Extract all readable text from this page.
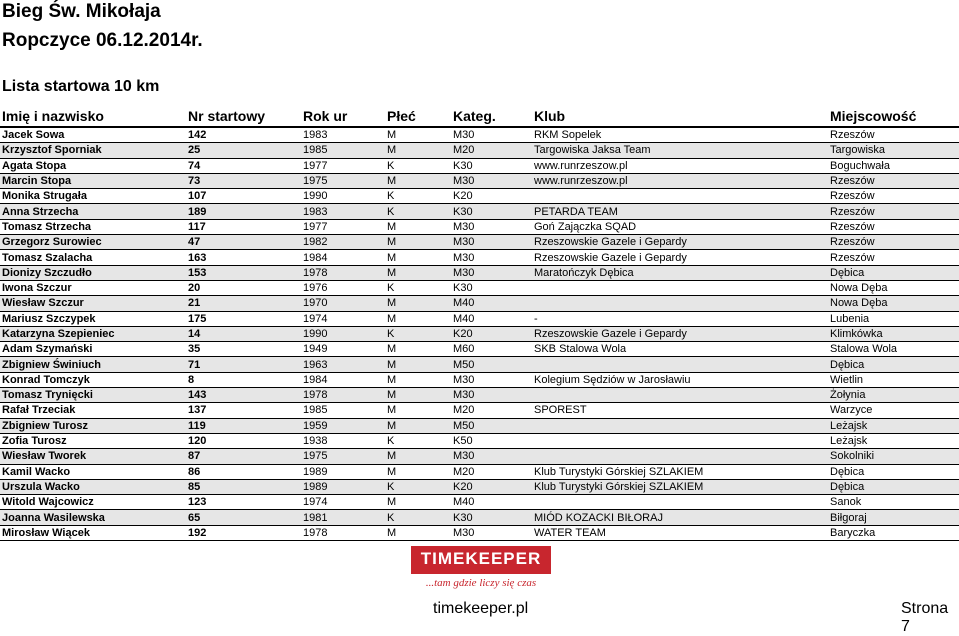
Bieg Św. Mikołaja
Ropczyce 06.12.2014r.
Lista startowa 10 km
Imię i nazwisko	Nr startowy	Rok ur	Płeć	Kateg.	Klub	Miejscowość
Jacek Sowa	142	1983	M	M30	RKM Sopelek	Rzeszów
Krzysztof Sporniak	25	1985	M	M20	Targowiska Jaksa Team	Targowiska
Agata Stopa	74	1977	K	K30	www.runrzeszow.pl	Boguchwała
Marcin Stopa	73	1975	M	M30	www.runrzeszow.pl	Rzeszów
Monika Strugała	107	1990	K	K20		Rzeszów
Anna Strzecha	189	1983	K	K30	PETARDA TEAM	Rzeszów
Tomasz Strzecha	117	1977	M	M30	Goń Zajączka SQAD	Rzeszów
Grzegorz Surowiec	47	1982	M	M30	Rzeszowskie Gazele i Gepardy	Rzeszów
Tomasz Szalacha	163	1984	M	M30	Rzeszowskie Gazele i Gepardy	Rzeszów
Dionizy Szczudło	153	1978	M	M30	Maratończyk Dębica	Dębica
Iwona Szczur	20	1976	K	K30		Nowa Dęba
Wiesław Szczur	21	1970	M	M40		Nowa Dęba
Mariusz Szczypek	175	1974	M	M40	-	Lubenia
Katarzyna Szepieniec	14	1990	K	K20	Rzeszowskie Gazele i Gepardy	Klimkówka
Adam Szymański	35	1949	M	M60	SKB Stalowa Wola	Stalowa Wola
Zbigniew Świniuch	71	1963	M	M50		Dębica
Konrad Tomczyk	8	1984	M	M30	Kolegium Sędziów w Jarosławiu	Wietlin
Tomasz Trynięcki	143	1978	M	M30		Żołynia
Rafał Trzeciak	137	1985	M	M20	SPOREST	Warzyce
Zbigniew Turosz	119	1959	M	M50		Leżajsk
Zofia Turosz	120	1938	K	K50		Leżajsk
Wiesław Tworek	87	1975	M	M30		Sokolniki
Kamil Wacko	86	1989	M	M20	Klub Turystyki Górskiej SZLAKIEM	Dębica
Urszula Wacko	85	1989	K	K20	Klub Turystyki Górskiej SZLAKIEM	Dębica
Witold Wajcowicz	123	1974	M	M40		Sanok
Joanna Wasilewska	65	1981	K	K30	MIÓD KOZACKI BIŁORAJ	Biłgoraj
Mirosław Wiącek	192	1978	M	M30	WATER TEAM	Baryczka
TIMEKEEPER
...tam gdzie liczy się czas
timekeeper.pl	Strona 7
